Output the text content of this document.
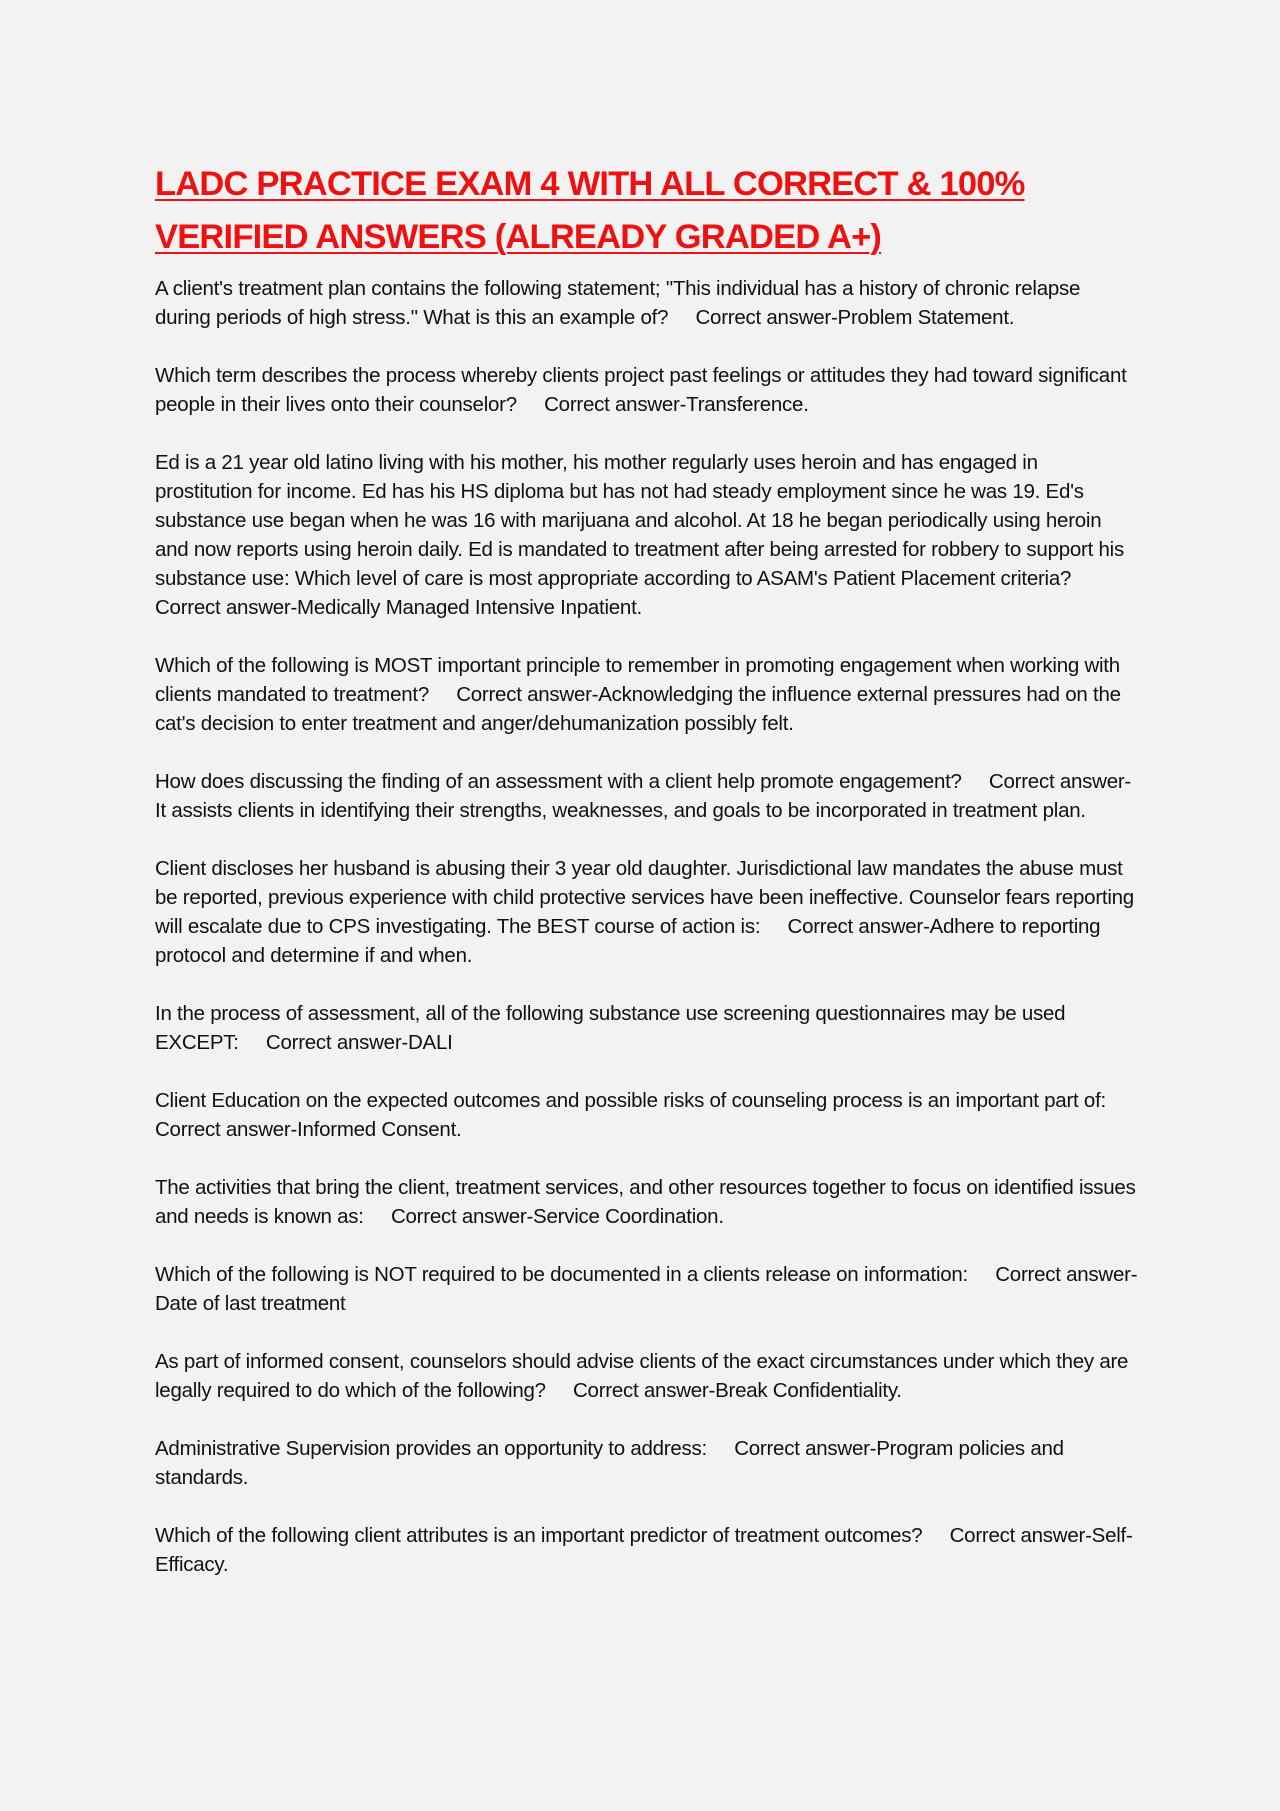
LADC PRACTICE EXAM 4 WITH ALL CORRECT & 100% VERIFIED ANSWERS (ALREADY GRADED A+)

A client's treatment plan contains the following statement; "This individual has a history of chronic relapse during periods of high stress." What is this an example of?     Correct answer-Problem Statement.

Which term describes the process whereby clients project past feelings or attitudes they had toward significant people in their lives onto their counselor?     Correct answer-Transference.

Ed is a 21 year old latino living with his mother, his mother regularly uses heroin and has engaged in prostitution for income. Ed has his HS diploma but has not had steady employment since he was 19. Ed's substance use began when he was 16 with marijuana and alcohol. At 18 he began periodically using heroin and now reports using heroin daily. Ed is mandated to treatment after being arrested for robbery to support his substance use: Which level of care is most appropriate according to ASAM's Patient Placement criteria?     Correct answer-Medically Managed Intensive Inpatient.

Which of the following is MOST important principle to remember in promoting engagement when working with clients mandated to treatment?     Correct answer-Acknowledging the influence external pressures had on the cat's decision to enter treatment and anger/dehumanization possibly felt.

How does discussing the finding of an assessment with a client help promote engagement?     Correct answer-It assists clients in identifying their strengths, weaknesses, and goals to be incorporated in treatment plan.

Client discloses her husband is abusing their 3 year old daughter. Jurisdictional law mandates the abuse must be reported, previous experience with child protective services have been ineffective. Counselor fears reporting will escalate due to CPS investigating. The BEST course of action is:     Correct answer-Adhere to reporting protocol and determine if and when.

In the process of assessment, all of the following substance use screening questionnaires may be used EXCEPT:     Correct answer-DALI

Client Education on the expected outcomes and possible risks of counseling process is an important part of:     Correct answer-Informed Consent.

The activities that bring the client, treatment services, and other resources together to focus on identified issues and needs is known as:     Correct answer-Service Coordination.

Which of the following is NOT required to be documented in a clients release on information:     Correct answer-Date of last treatment

As part of informed consent, counselors should advise clients of the exact circumstances under which they are legally required to do which of the following?     Correct answer-Break Confidentiality.

Administrative Supervision provides an opportunity to address:     Correct answer-Program policies and standards.

Which of the following client attributes is an important predictor of treatment outcomes?     Correct answer-Self-Efficacy.
